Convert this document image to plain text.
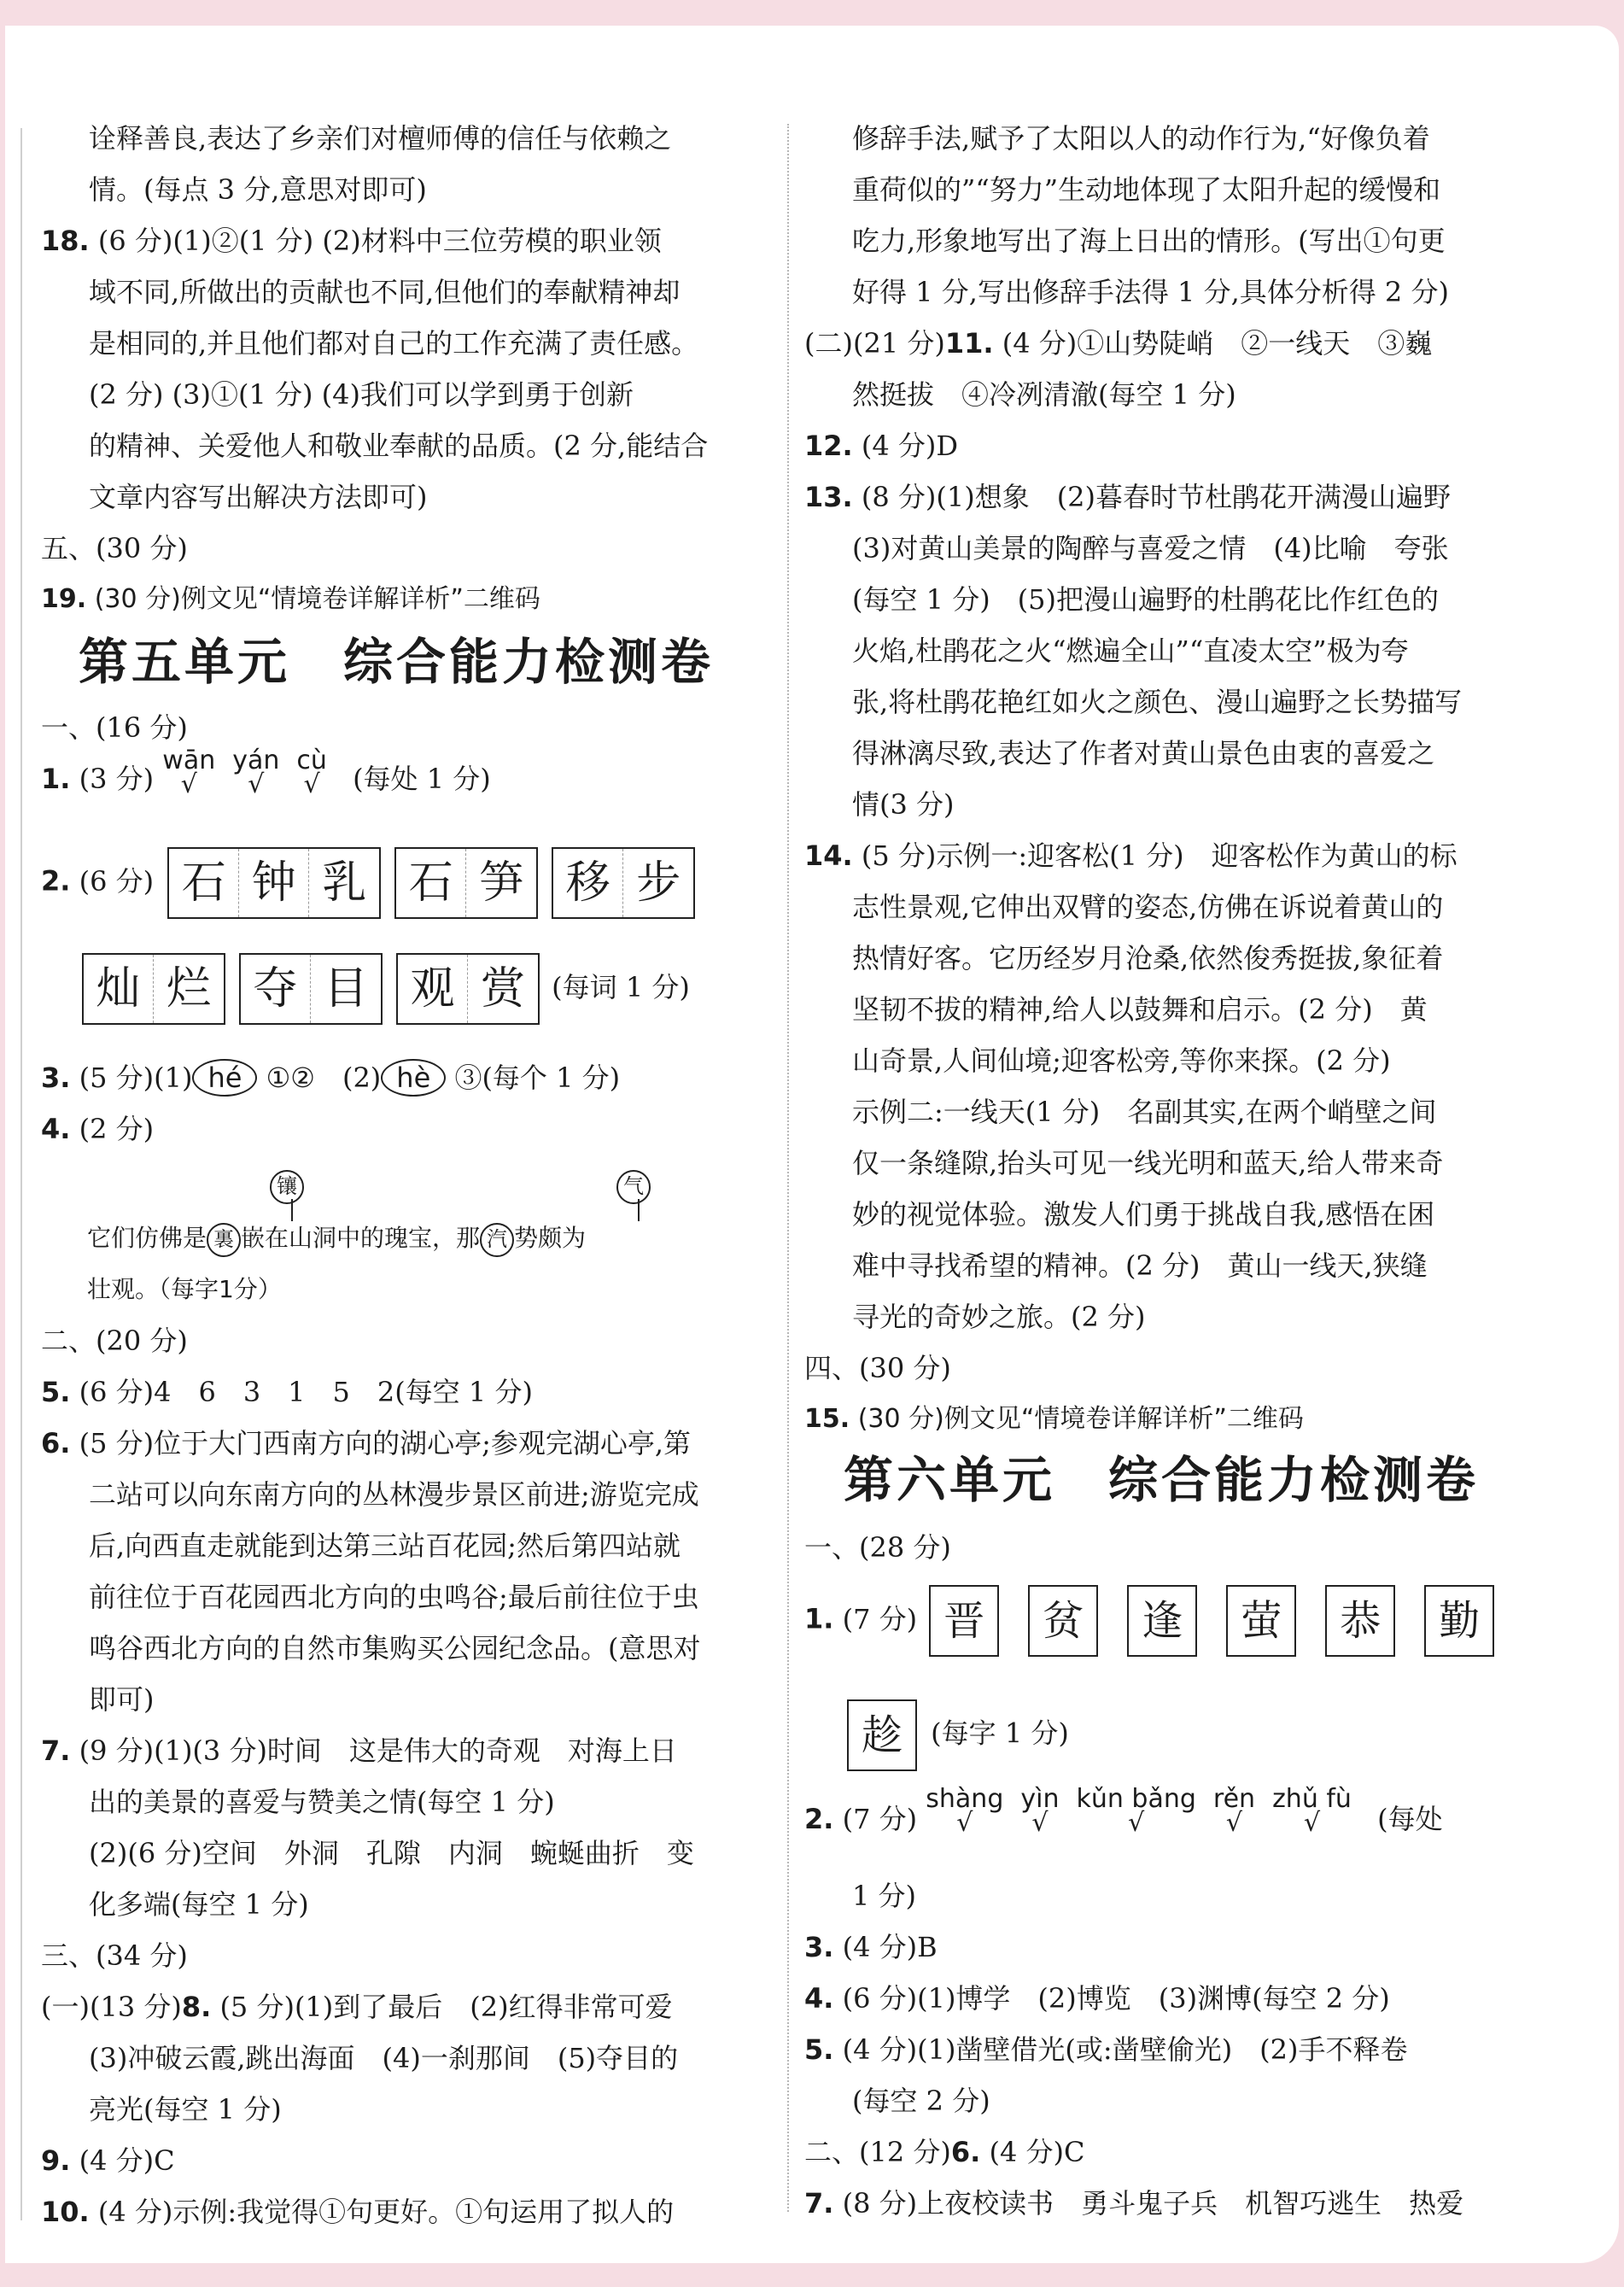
诠释善良,表达了乡亲们对檀师傅的信任与依赖之
情。(每点 3 分,意思对即可)
18. (6 分)(1)②(1 分) (2)材料中三位劳模的职业领
域不同,所做出的贡献也不同,但他们的奉献精神却
是相同的,并且他们都对自己的工作充满了责任感。
(2 分) (3)①(1 分) (4)我们可以学到勇于创新
的精神、关爱他人和敬业奉献的品质。(2 分,能结合
文章内容写出解决方法即可)
五、(30 分)
19. (30 分)例文见“情境卷详解详析”二维码
第五单元　综合能力检测卷
一、(16 分)
1. (3 分) wān
√
yán
√
cù
√ (每处 1 分)
2. (6 分) 石 钟 乳 石 笋 移 步
灿 烂 夺 目 观 赏 (每词 1 分)
3. (5 分)(1) hé ①②　(2) hè ③(每个 1 分)
4. (2 分)
镶	气
它们仿佛是 裏 嵌在山洞中的瑰宝，那 汽 势颇为
壮观。（每字1分）
二、(20 分)
5. (6 分)4　6　3　1　5　2(每空 1 分)
6. (5 分)位于大门西南方向的湖心亭;参观完湖心亭,第
二站可以向东南方向的丛林漫步景区前进;游览完成
后,向西直走就能到达第三站百花园;然后第四站就
前往位于百花园西北方向的虫鸣谷;最后前往位于虫
鸣谷西北方向的自然市集购买公园纪念品。(意思对
即可)
7. (9 分)(1)(3 分)时间　这是伟大的奇观　对海上日
出的美景的喜爱与赞美之情(每空 1 分)
(2)(6 分)空间　外洞　孔隙　内洞　蜿蜒曲折　变
化多端(每空 1 分)
三、(34 分)
(一)(13 分)8. (5 分)(1)到了最后　(2)红得非常可爱
(3)冲破云霞,跳出海面　(4)一刹那间　(5)夺目的
亮光(每空 1 分)
9. (4 分)C
10. (4 分)示例:我觉得①句更好。①句运用了拟人的
修辞手法,赋予了太阳以人的动作行为,“好像负着
重荷似的”“努力”生动地体现了太阳升起的缓慢和
吃力,形象地写出了海上日出的情形。(写出①句更
好得 1 分,写出修辞手法得 1 分,具体分析得 2 分)
(二)(21 分)11. (4 分)①山势陡峭　②一线天　③巍
然挺拔　④冷冽清澈(每空 1 分)
12. (4 分)D
13. (8 分)(1)想象　(2)暮春时节杜鹃花开满漫山遍野
(3)对黄山美景的陶醉与喜爱之情　(4)比喻　夸张
(每空 1 分)　(5)把漫山遍野的杜鹃花比作红色的
火焰,杜鹃花之火“燃遍全山”“直凌太空”极为夸
张,将杜鹃花艳红如火之颜色、漫山遍野之长势描写
得淋漓尽致,表达了作者对黄山景色由衷的喜爱之
情(3 分)
14. (5 分)示例一:迎客松(1 分)　迎客松作为黄山的标
志性景观,它伸出双臂的姿态,仿佛在诉说着黄山的
热情好客。它历经岁月沧桑,依然俊秀挺拔,象征着
坚韧不拔的精神,给人以鼓舞和启示。(2 分)　黄
山奇景,人间仙境;迎客松旁,等你来探。(2 分)
示例二:一线天(1 分)　名副其实,在两个峭壁之间
仅一条缝隙,抬头可见一线光明和蓝天,给人带来奇
妙的视觉体验。激发人们勇于挑战自我,感悟在困
难中寻找希望的精神。(2 分)　黄山一线天,狭缝
寻光的奇妙之旅。(2 分)
四、(30 分)
15. (30 分)例文见“情境卷详解详析”二维码
第六单元　综合能力检测卷
一、(28 分)
1. (7 分) 晋 贫 逢 萤 恭 勤
趁 (每字 1 分)
2. (7 分) shàng
√
yìn
√
kǔn bǎng
√
rěn
√
zhǔ fù
√	(每处
1 分)
3. (4 分)B
4. (6 分)(1)博学　(2)博览　(3)渊博(每空 2 分)
5. (4 分)(1)凿壁借光(或:凿壁偷光)　(2)手不释卷
(每空 2 分)
二、(12 分)6. (4 分)C
7. (8 分)上夜校读书　勇斗鬼子兵　机智巧逃生　热爱
